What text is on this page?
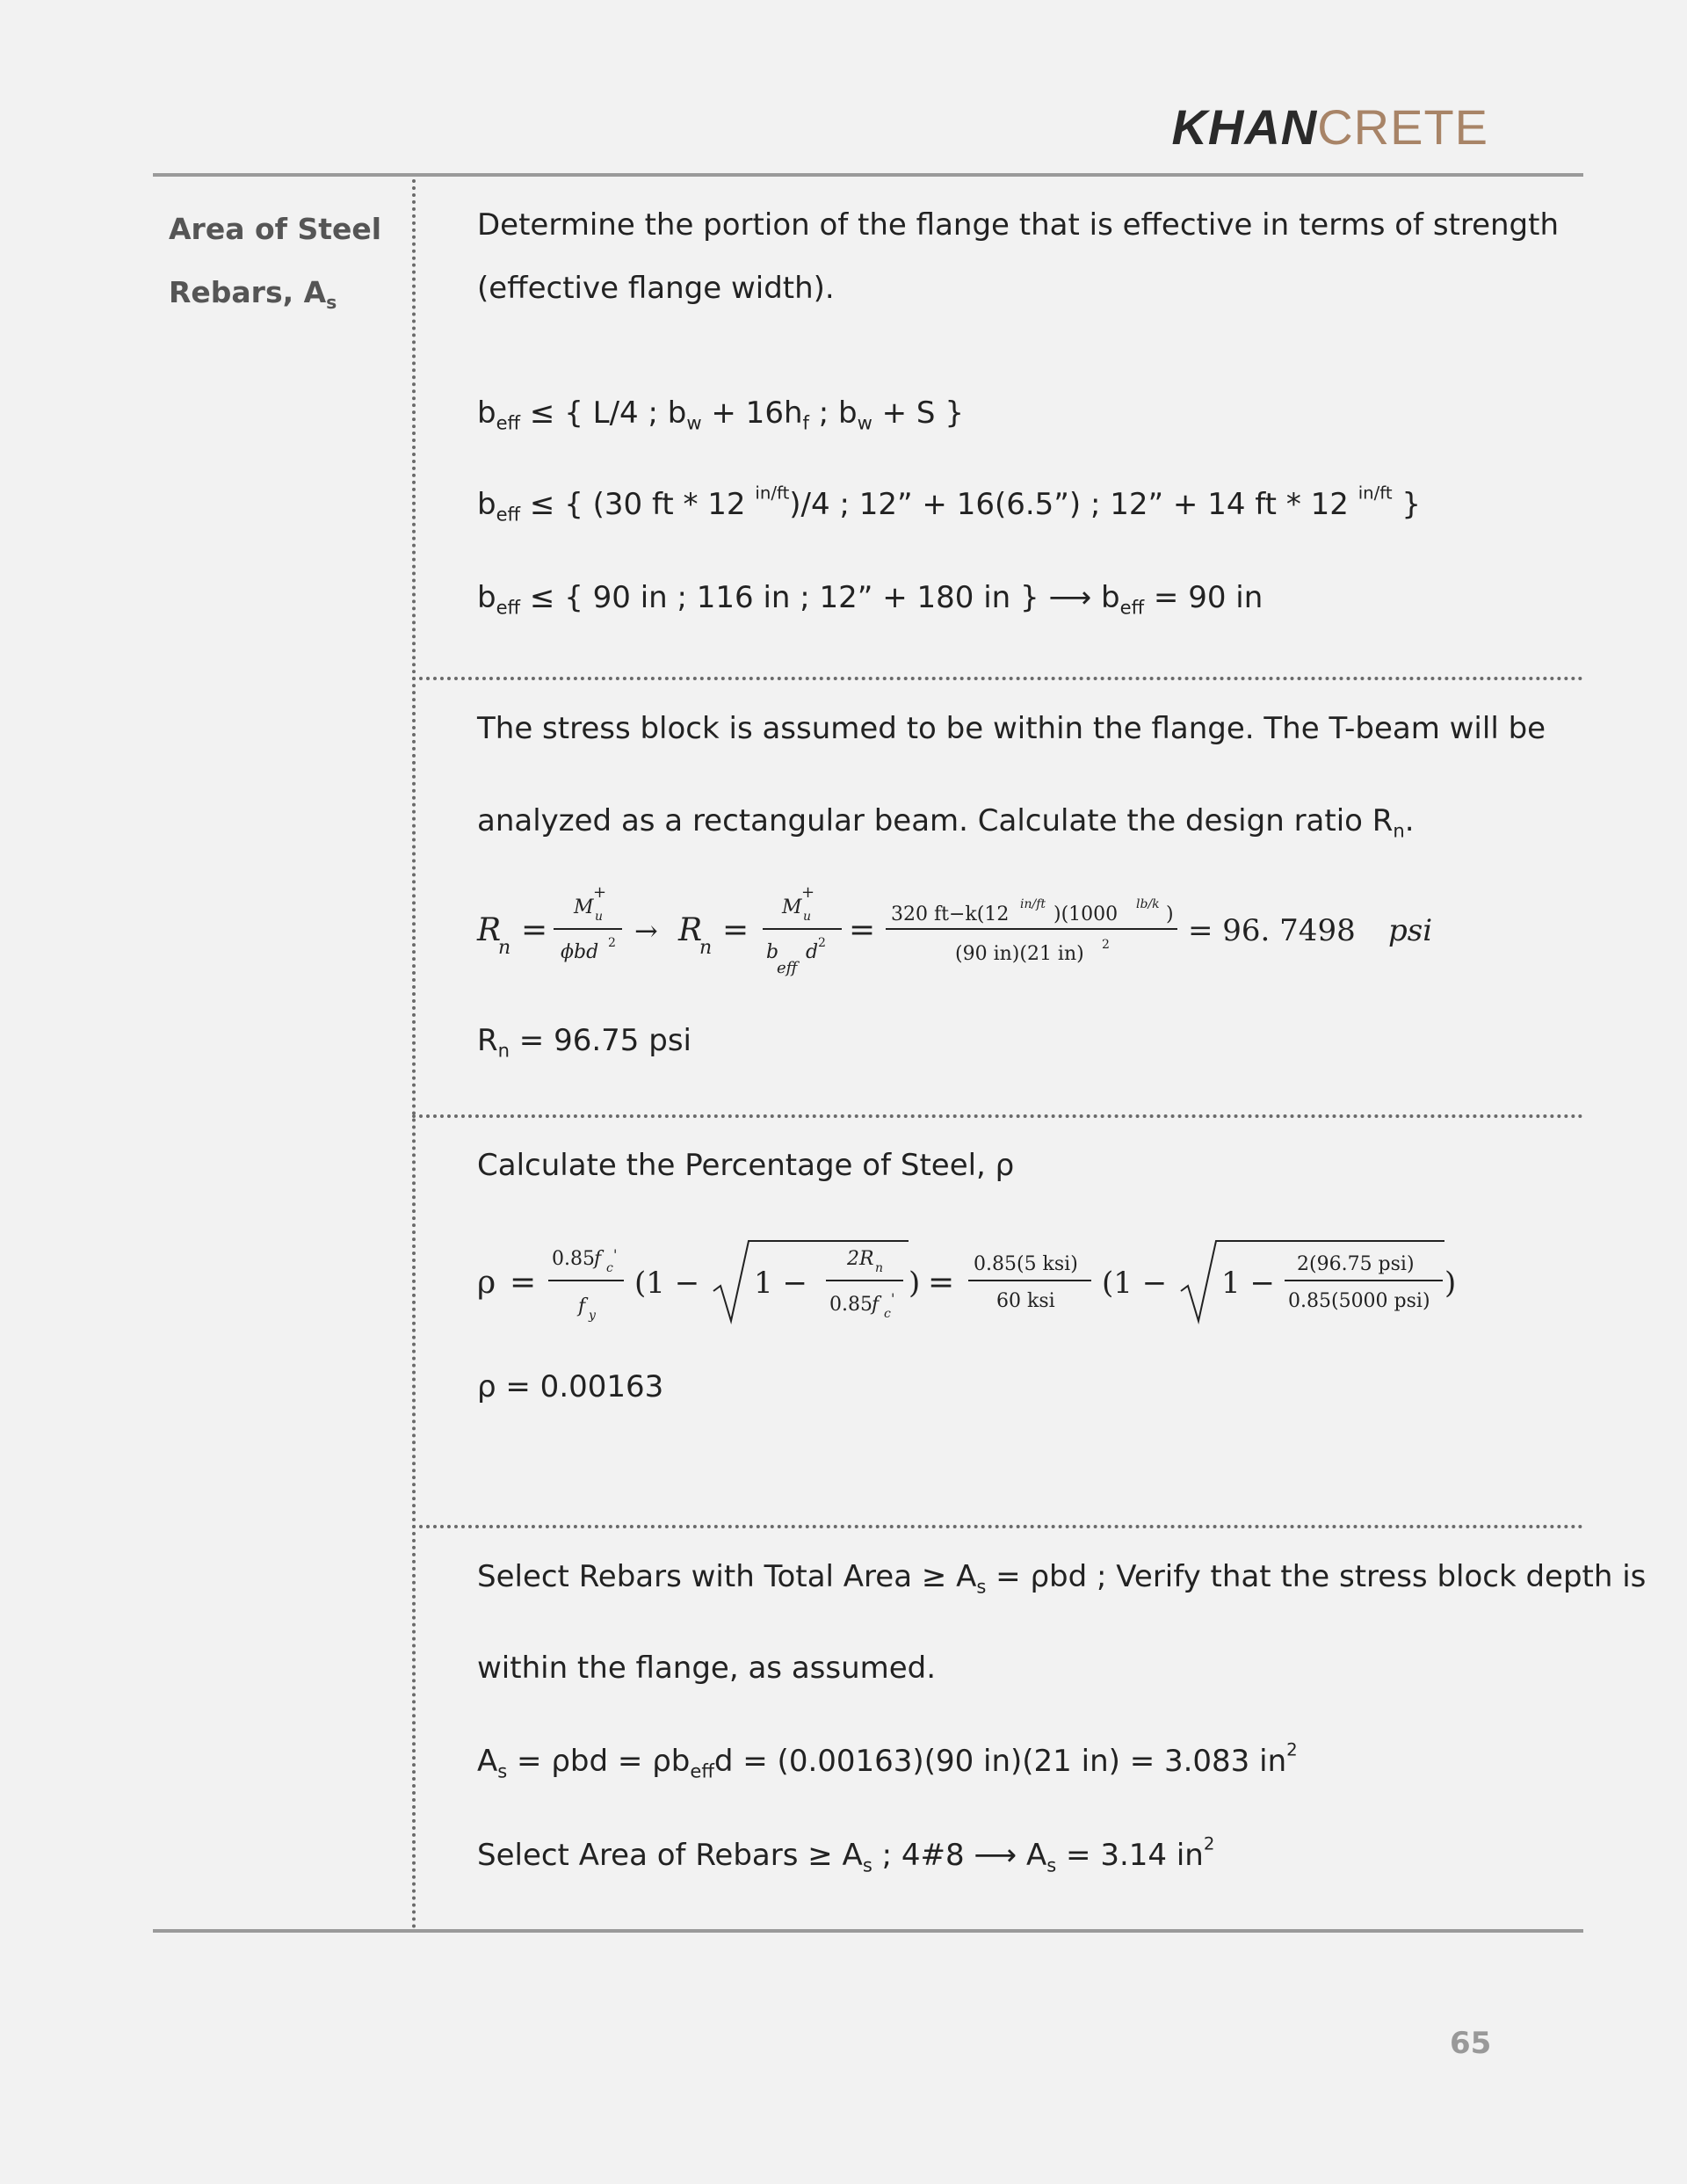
KHANCRETE
Area of Steel
Rebars, $A_s$
Determine the portion of the flange that is effective in terms of strength
(effective flange width).
$b_{eff}$ ≤ { L/4 ; $b_w + 16h_f$ ; $b_w + S$ }
$b_{eff}$ ≤ { (30 ft * 12 $^{in/ft}$)/4 ; 12” + 16(6.5”) ; 12” + 14 ft * 12 $^{in/ft}$ }
$b_{eff}$ ≤ { 90 in ; 116 in ; 12” + 180 in } ⟶ $b_{eff} = 90$ in
The stress block is assumed to be within the flange. The T-beam will be
analyzed as a rectangular beam. Calculate the design ratio $R_n$.
R
n =
M
+
u
ϕbd 2 → R
n =
M
+
u
b
eff
d 2 = 320 ft−k(12 in/ft )(1000 lb/k )
(90 in)(21 in) 2	= 96. 7498 psi
$R_n = 96.75$ psi
Calculate the Percentage of Steel, ρ
ρ =
0.85 f c
'
f y
(1 − 1 −
2R n
0.85 f c
' ) =
0.85(5 ksi)
60 ksi
(1 − 1 −
2(96.75 psi)
0.85(5000 psi)
)
ρ = 0.00163
Select Rebars with Total Area ≥ $A_s = \rho bd$ ; Verify that the stress block depth is
within the flange, as assumed.
$A_s = \rho bd = \rho b_{eff}d = (0.00163)(90$ in)(21 in) = 3.083 $in^2$
Select Area of Rebars ≥ $A_s$ ; 4#8 ⟶ $A_s = 3.14$ $in^2$
65
